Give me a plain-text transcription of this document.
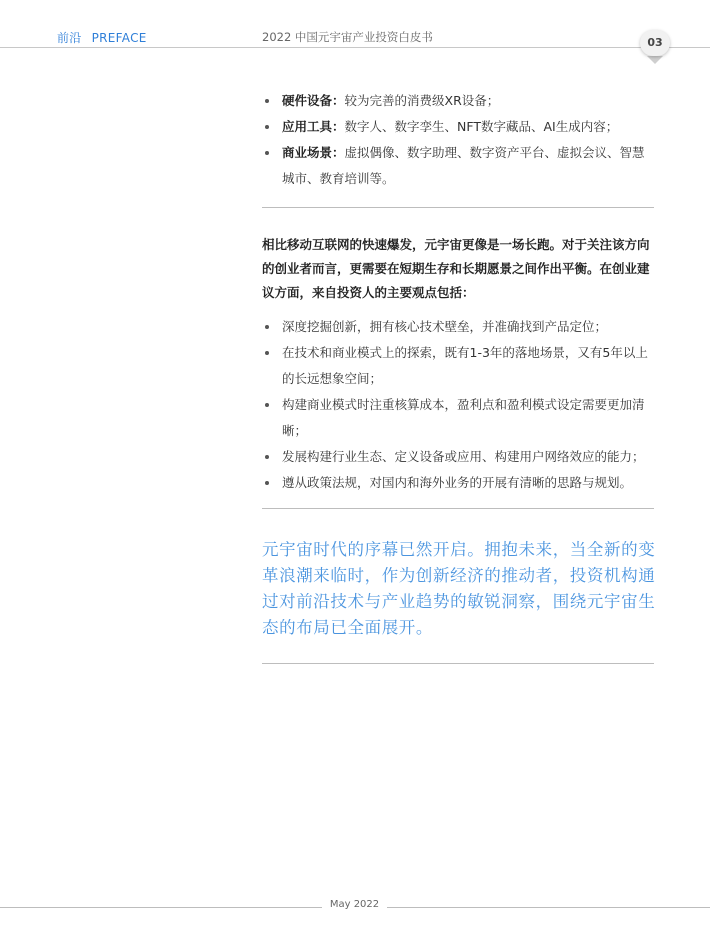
前沿 PREFACE	2022 中国元宇宙产业投资白皮书	03
硬件设备：较为完善的消费级XR设备；
应用工具：数字人、数字孪生、NFT数字藏品、AI生成内容；
商业场景：虚拟偶像、数字助理、数字资产平台、虚拟会议、智慧城市、教育培训等。

相比移动互联网的快速爆发，元宇宙更像是一场长跑。对于关注该方向的创业者而言，更需要在短期生存和长期愿景之间作出平衡。在创业建议方面，来自投资人的主要观点包括：

深度挖掘创新，拥有核心技术壁垒，并准确找到产品定位；
在技术和商业模式上的探索，既有1-3年的落地场景，又有5年以上的长远想象空间；
构建商业模式时注重核算成本，盈利点和盈利模式设定需要更加清晰；
发展构建行业生态、定义设备或应用、构建用户网络效应的能力；
遵从政策法规，对国内和海外业务的开展有清晰的思路与规划。

元宇宙时代的序幕已然开启。拥抱未来，当全新的变革浪潮来临时，作为创新经济的推动者，投资机构通过对前沿技术与产业趋势的敏锐洞察，围绕元宇宙生态的布局已全面展开。

May 2022
